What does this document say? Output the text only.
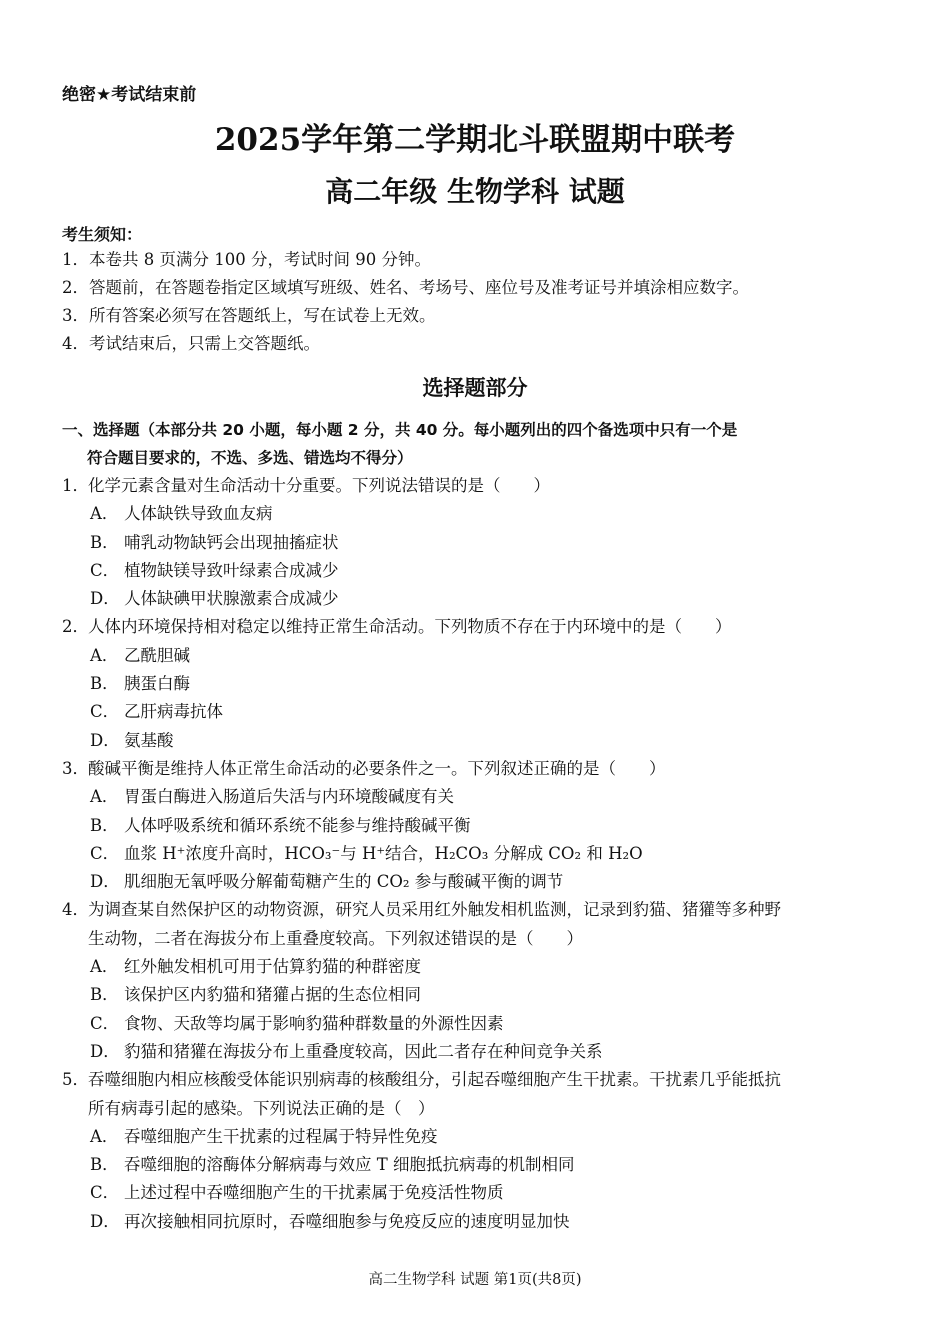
绝密★考试结束前
2025学年第二学期北斗联盟期中联考
高二年级 生物学科 试题
考生须知：
1．本卷共 8 页满分 100 分，考试时间 90 分钟。
2．答题前，在答题卷指定区域填写班级、姓名、考场号、座位号及准考证号并填涂相应数字。
3．所有答案必须写在答题纸上，写在试卷上无效。
4．考试结束后，只需上交答题纸。
选择题部分
一、选择题（本部分共 20 小题，每小题 2 分，共 40 分。每小题列出的四个备选项中只有一个是
符合题目要求的，不选、多选、错选均不得分）
1．化学元素含量对生命活动十分重要。下列说法错误的是（　　）
A． 人体缺铁导致血友病
B． 哺乳动物缺钙会出现抽搐症状
C． 植物缺镁导致叶绿素合成减少
D． 人体缺碘甲状腺激素合成减少
2．人体内环境保持相对稳定以维持正常生命活动。下列物质不存在于内环境中的是（　　）
A． 乙酰胆碱
B． 胰蛋白酶
C． 乙肝病毒抗体
D． 氨基酸
3．酸碱平衡是维持人体正常生命活动的必要条件之一。下列叙述正确的是（　　）
A． 胃蛋白酶进入肠道后失活与内环境酸碱度有关
B． 人体呼吸系统和循环系统不能参与维持酸碱平衡
C． 血浆 H⁺浓度升高时，HCO₃⁻与 H⁺结合，H₂CO₃ 分解成 CO₂ 和 H₂O
D． 肌细胞无氧呼吸分解葡萄糖产生的 CO₂ 参与酸碱平衡的调节
4．为调查某自然保护区的动物资源，研究人员采用红外触发相机监测，记录到豹猫、猪獾等多种野
生动物，二者在海拔分布上重叠度较高。下列叙述错误的是（　　）
A． 红外触发相机可用于估算豹猫的种群密度
B． 该保护区内豹猫和猪獾占据的生态位相同
C． 食物、天敌等均属于影响豹猫种群数量的外源性因素
D． 豹猫和猪獾在海拔分布上重叠度较高，因此二者存在种间竞争关系
5．吞噬细胞内相应核酸受体能识别病毒的核酸组分，引起吞噬细胞产生干扰素。干扰素几乎能抵抗
所有病毒引起的感染。下列说法正确的是（　）
A． 吞噬细胞产生干扰素的过程属于特异性免疫
B． 吞噬细胞的溶酶体分解病毒与效应 T 细胞抵抗病毒的机制相同
C． 上述过程中吞噬细胞产生的干扰素属于免疫活性物质
D． 再次接触相同抗原时，吞噬细胞参与免疫反应的速度明显加快
高二生物学科 试题 第1页(共8页)
